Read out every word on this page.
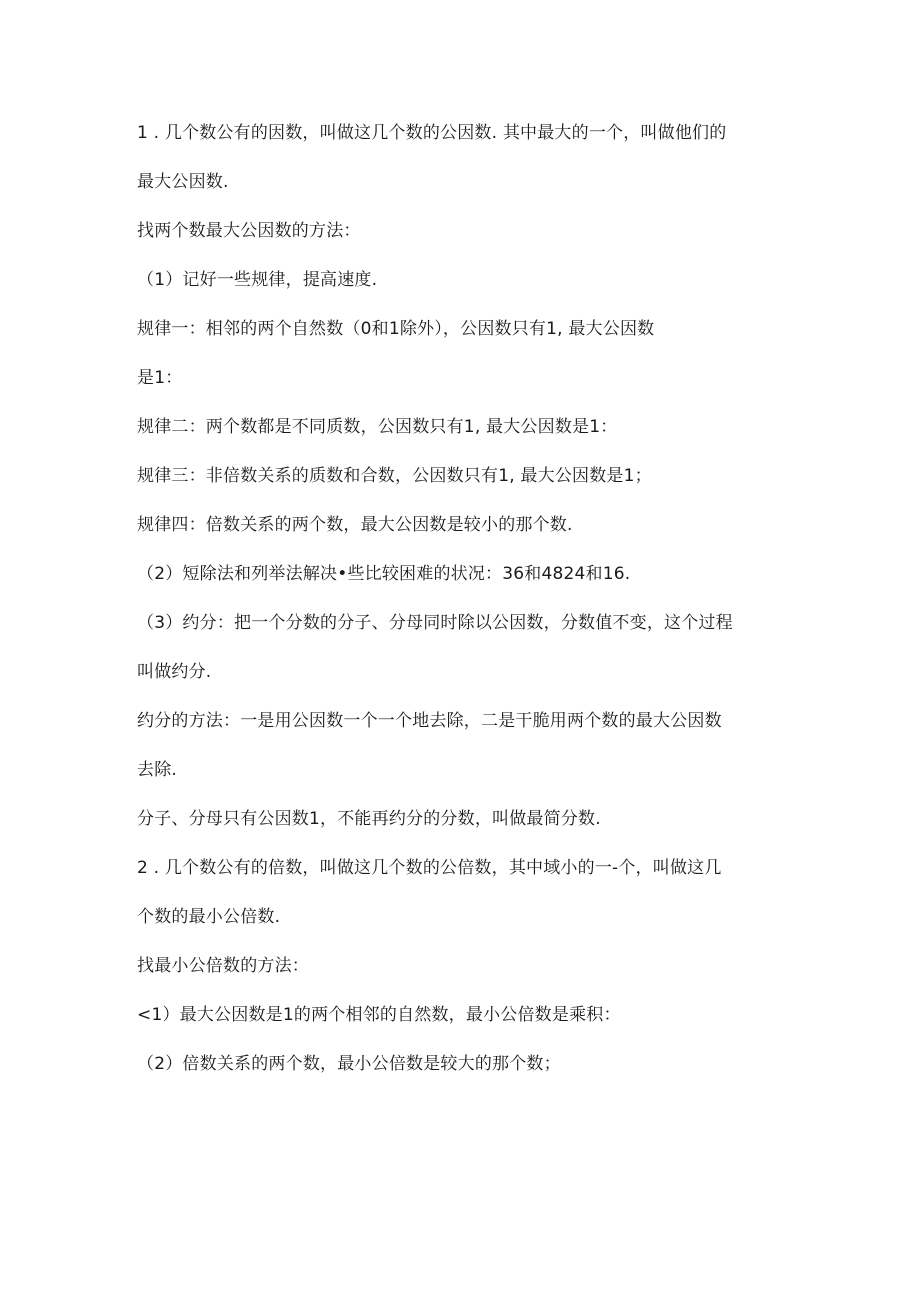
1 . 几个数公有的因数，叫做这几个数的公因数. 其中最大的一个，叫做他们的
最大公因数.
找两个数最大公因数的方法：
（1）记好一些规律，提高速度.
规律一：相邻的两个自然数（0和1除外），公因数只有1, 最大公因数
是1：
规律二：两个数都是不同质数，公因数只有1, 最大公因数是1：
规律三：非倍数关系的质数和合数，公因数只有1, 最大公因数是1；
规律四：倍数关系的两个数，最大公因数是较小的那个数.
（2）短除法和列举法解决•些比较困难的状况：36和4824和16.
（3）约分：把一个分数的分子、分母同时除以公因数，分数值不变，这个过程
叫做约分.
约分的方法：一是用公因数一个一个地去除，二是干脆用两个数的最大公因数
去除.
分子、分母只有公因数1，不能再约分的分数，叫做最简分数.
2 . 几个数公有的倍数，叫做这几个数的公倍数，其中域小的一-个，叫做这几
个数的最小公倍数.
找最小公倍数的方法：
<1）最大公因数是1的两个相邻的自然数，最小公倍数是乘积：
（2）倍数关系的两个数，最小公倍数是较大的那个数；
